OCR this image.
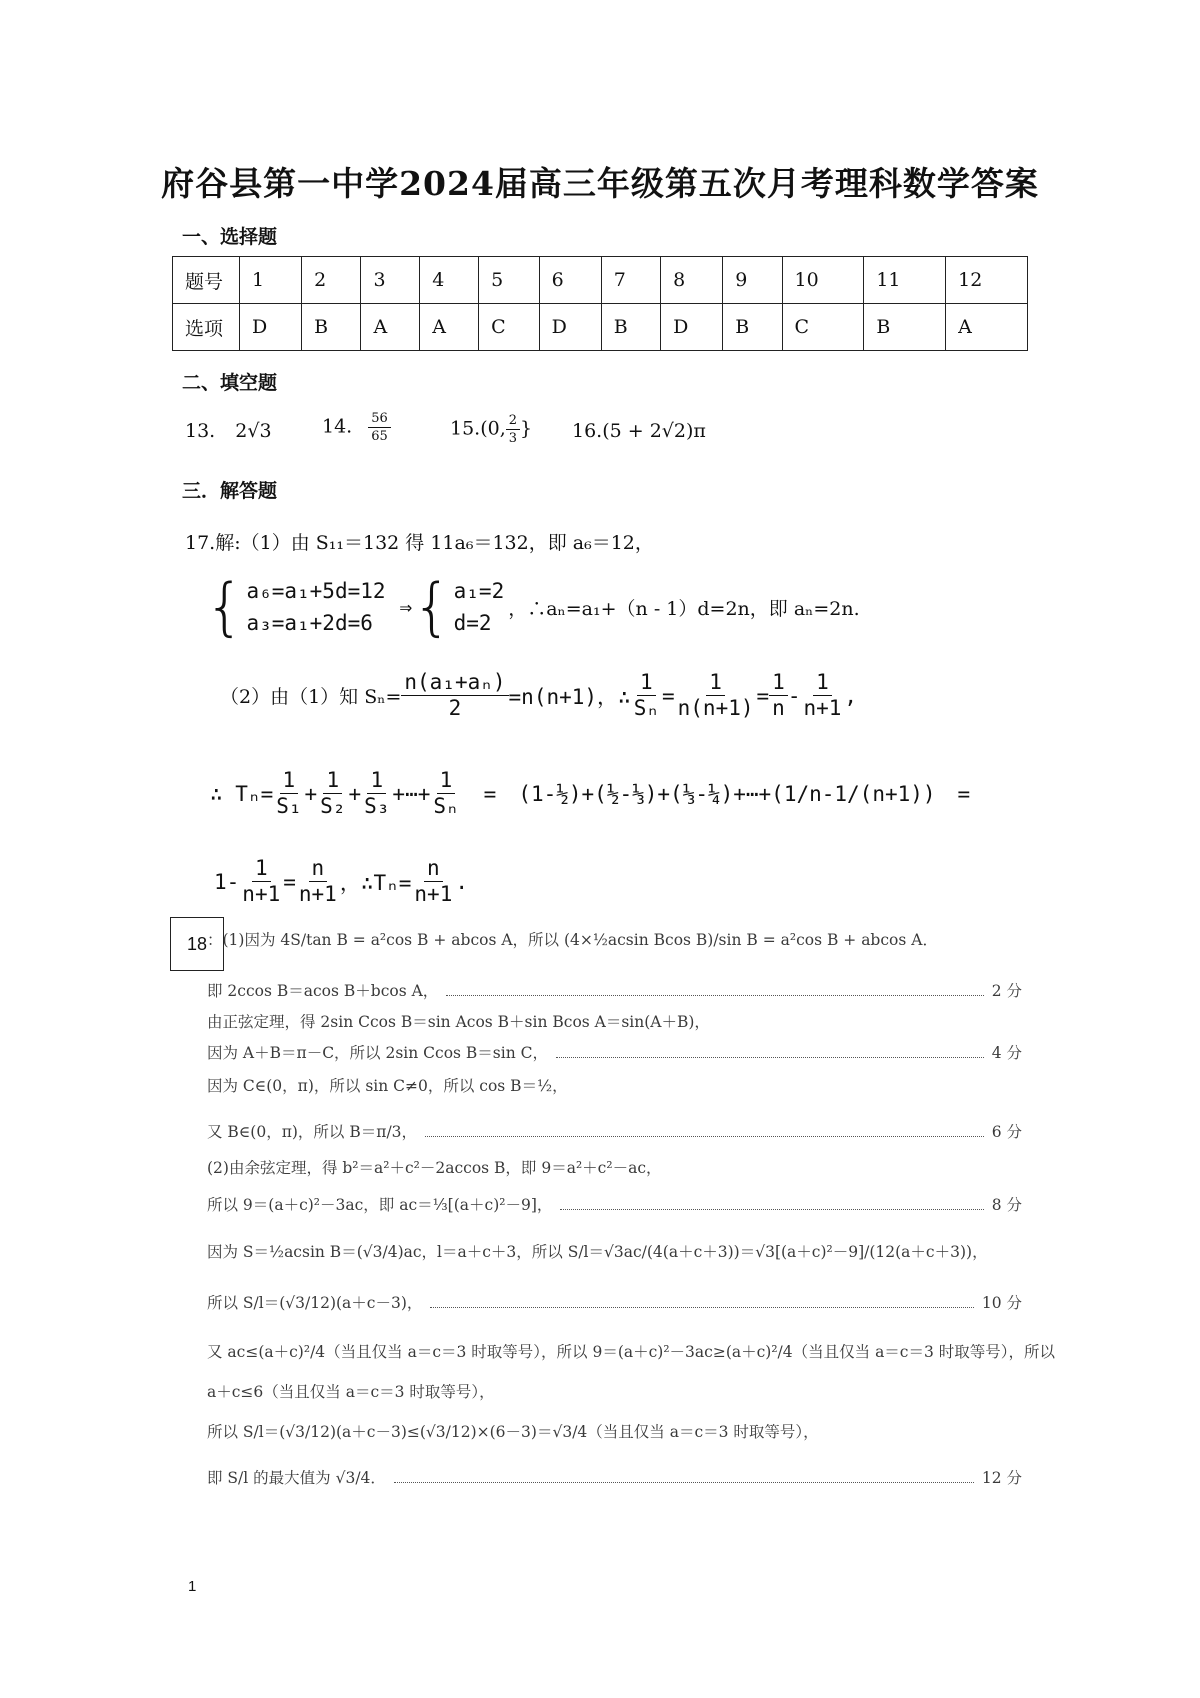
府谷县第一中学2024届高三年级第五次月考理科数学答案
一、选择题
题号	1	2	3	4	5	6	7	8	9	10	11	12
选项	D	B	A	A	C	D	B	D	B	C	B	A
二、填空题
13. 2√3	14. $\frac{56}{65}$	15.(0, $\frac{2}{3}$ } 16.(5 + 2√2)π
三．解答题
17.解:（1）由 S₁₁＝132 得 11a₆＝132，即 a₆＝12，
{ a₆=a₁+5d=12
a₃=a₁+2d=6
⇒ { a₁=2
d=2
，∴aₙ=a₁+（n - 1）d=2n，即 aₙ=2n.
（2）由（1）知 $S_n= \frac{\text{n(a₁+aₙ)}}{2} =n(n+1)$，∴ $\frac{1}{\text{Sₙ}} = \frac{1}{n(n+1)} = \frac{1}{n} - \frac{1}{n+1}$ ,
∴ $T_n= \frac{1}{\text{S₁}} + \frac{1}{\text{S₂}} + \frac{1}{\text{S₃}}$ +⋯+ $\frac{1}{\text{Sₙ}}$ = (1-½)+(½-⅓)+(⅓-¼)+⋯+(1/n-1/(n+1)) =
$1- \frac{1}{n+1} = \frac{n}{n+1}$ ，∴Tₙ= $\frac{n}{n+1}$ .
18 ：(1)因为 4S/tan B = a²cos B + abcos A，所以 (4×½acsin Bcos B)/sin B = a²cos B + abcos A．
即 2ccos B＝acos B＋bcos A，	2 分
由正弦定理，得 2sin Ccos B＝sin Acos B＋sin Bcos A＝sin(A＋B)，
因为 A＋B＝π－C，所以 2sin Ccos B＝sin C，	4 分
因为 C∈(0，π)，所以 sin C≠0，所以 cos B＝½，
又 B∈(0，π)，所以 B＝π/3，	6 分
(2)由余弦定理，得 b²＝a²＋c²－2accos B，即 9＝a²＋c²－ac，
所以 9＝(a＋c)²－3ac，即 ac＝⅓[(a＋c)²－9]，	8 分
因为 S＝½acsin B＝(√3/4)ac，l＝a＋c＋3，所以 S/l＝√3ac/(4(a＋c＋3))＝√3[(a＋c)²－9]/(12(a＋c＋3))，
所以 S/l＝(√3/12)(a＋c－3)，	10 分
又 ac≤(a＋c)²/4（当且仅当 a＝c＝3 时取等号），所以 9＝(a＋c)²－3ac≥(a＋c)²/4（当且仅当 a＝c＝3 时取等号），所以
a＋c≤6（当且仅当 a＝c＝3 时取等号），
所以 S/l＝(√3/12)(a＋c－3)≤(√3/12)×(6－3)＝√3/4（当且仅当 a＝c＝3 时取等号），
即 S/l 的最大值为 √3/4．	12 分
1
